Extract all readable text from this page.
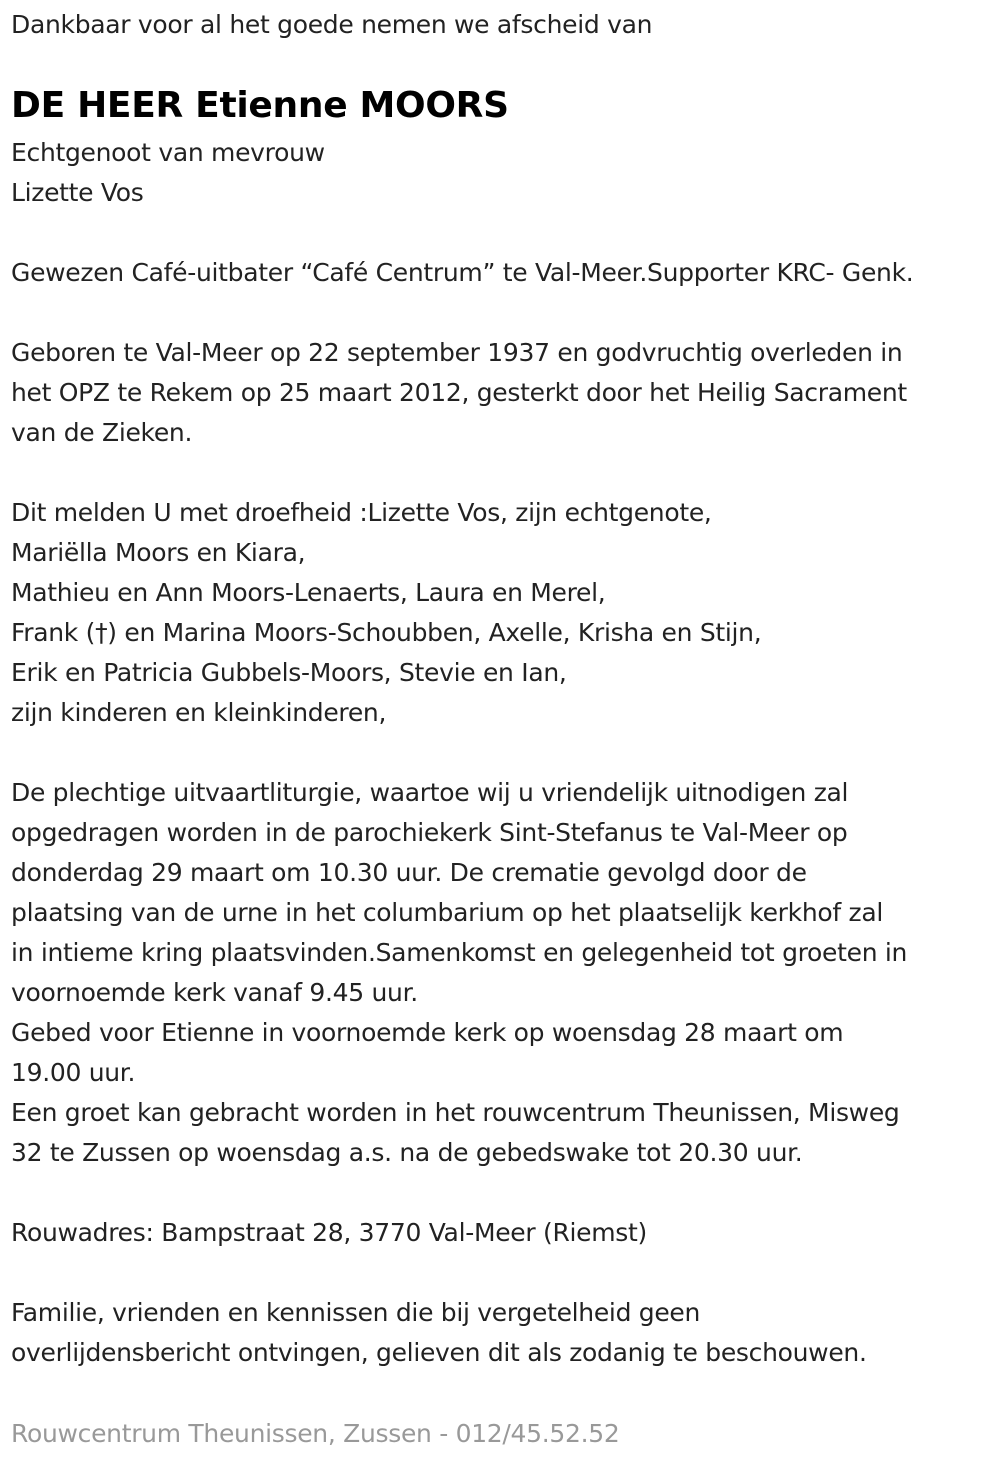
Dankbaar voor al het goede nemen we afscheid van
DE HEER Etienne MOORS
Echtgenoot van mevrouw
Lizette Vos
Gewezen Café-uitbater “Café Centrum” te Val-Meer.Supporter KRC- Genk.
Geboren te Val-Meer op 22 september 1937 en godvruchtig overleden in
het OPZ te Rekem op 25 maart 2012, gesterkt door het Heilig Sacrament
van de Zieken.
Dit melden U met droefheid :Lizette Vos, zijn echtgenote,
Mariëlla Moors en Kiara,
Mathieu en Ann Moors-Lenaerts, Laura en Merel,
Frank (†) en Marina Moors-Schoubben, Axelle, Krisha en Stijn,
Erik en Patricia Gubbels-Moors, Stevie en Ian,
zijn kinderen en kleinkinderen,
De plechtige uitvaartliturgie, waartoe wij u vriendelijk uitnodigen zal
opgedragen worden in de parochiekerk Sint-Stefanus te Val-Meer op
donderdag 29 maart om 10.30 uur. De crematie gevolgd door de
plaatsing van de urne in het columbarium op het plaatselijk kerkhof zal
in intieme kring plaatsvinden.Samenkomst en gelegenheid tot groeten in
voornoemde kerk vanaf 9.45 uur.
Gebed voor Etienne in voornoemde kerk op woensdag 28 maart om
19.00 uur.
Een groet kan gebracht worden in het rouwcentrum Theunissen, Misweg
32 te Zussen op woensdag a.s. na de gebedswake tot 20.30 uur.
Rouwadres: Bampstraat 28, 3770 Val-Meer (Riemst)
Familie, vrienden en kennissen die bij vergetelheid geen
overlijdensbericht ontvingen, gelieven dit als zodanig te beschouwen.
Rouwcentrum Theunissen, Zussen - 012/45.52.52
